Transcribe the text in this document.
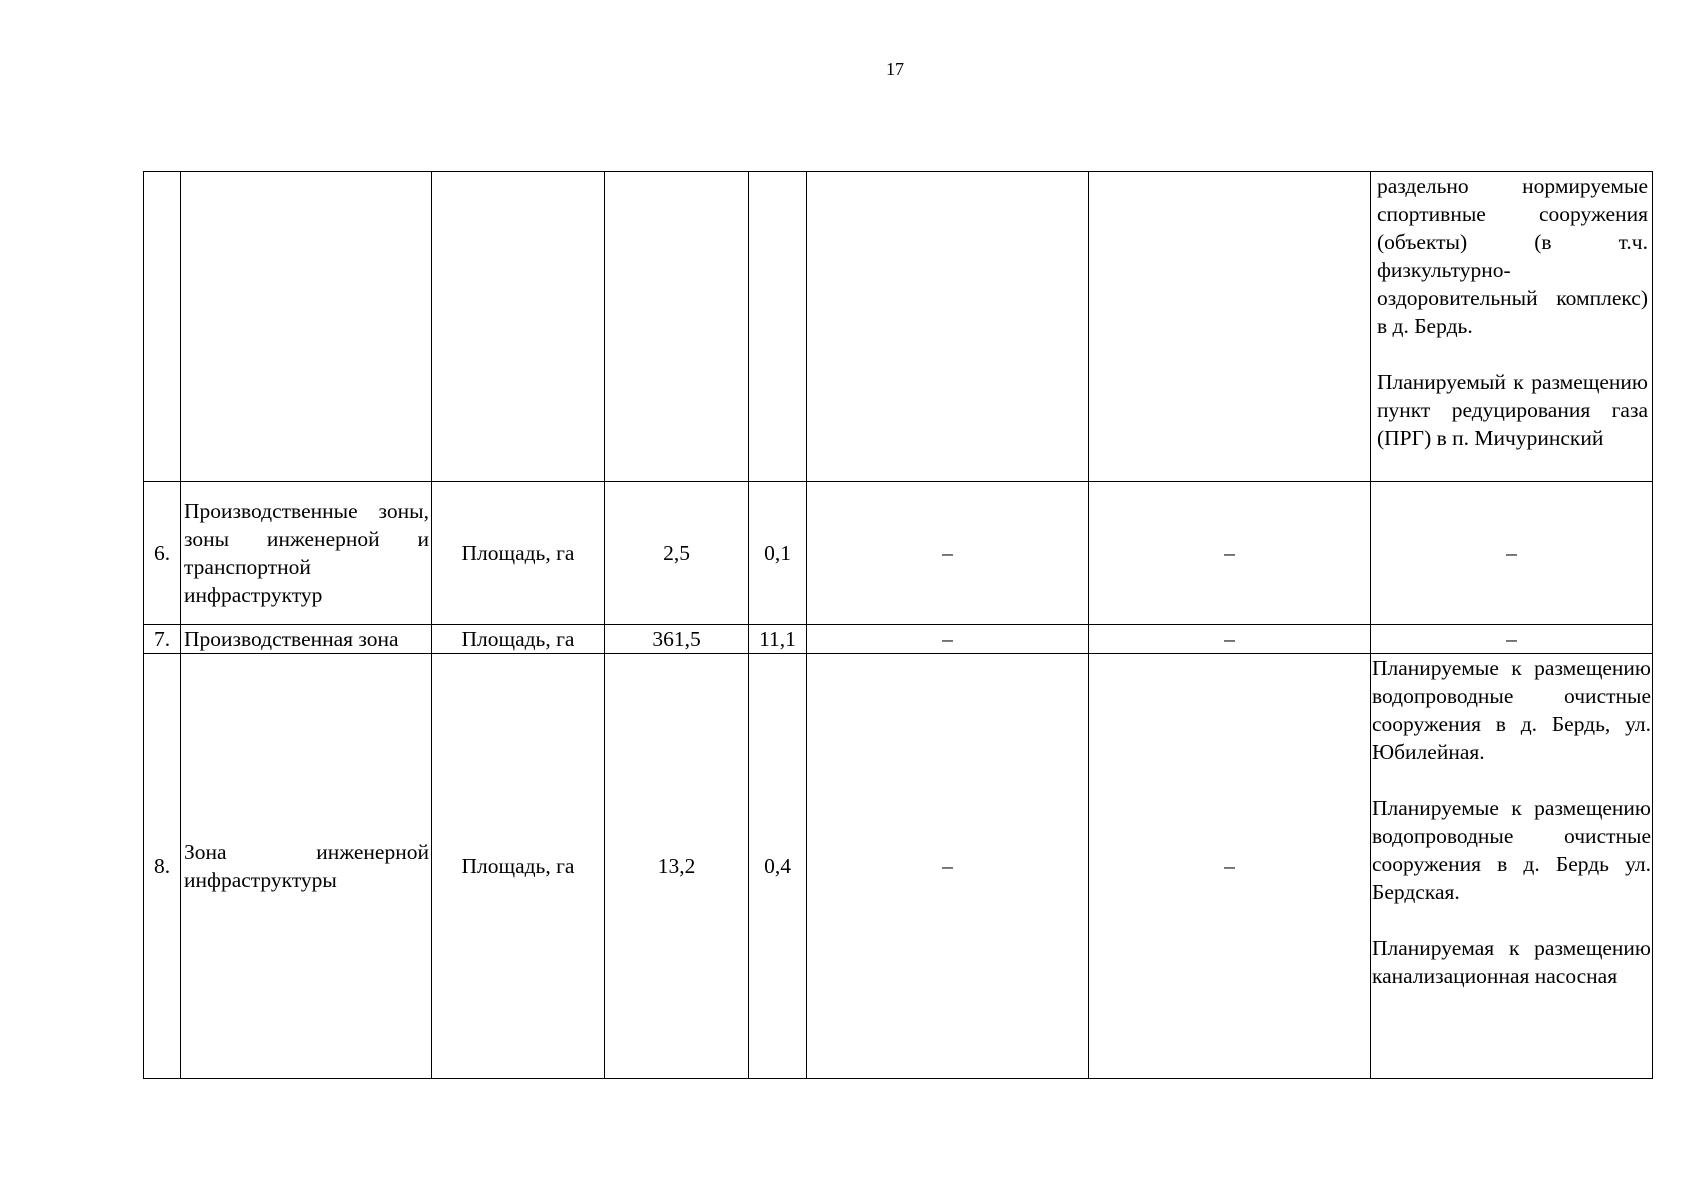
17

							раздельно нормируемые спортивные сооружения (объекты) (в т.ч. физкультурно-оздоровительный комплекс) в д. Бердь.
Планируемый к размещению пункт редуцирования газа (ПРГ) в п. Мичуринский

6.	Производственные зоны, зоны инженерной и транспортной инфраструктур	Площадь, га	2,5	0,1	–	–	–
7.	Производственная зона	Площадь, га	361,5	11,1	–	–	–
8.	Зона инженерной инфраструктуры	Площадь, га	13,2	0,4	–	–	Планируемые к размещению водопроводные очистные сооружения в д. Бердь, ул. Юбилейная.
Планируемые к размещению водопроводные очистные сооружения в д. Бердь ул. Бердская.
Планируемая к размещению канализационная насосная
